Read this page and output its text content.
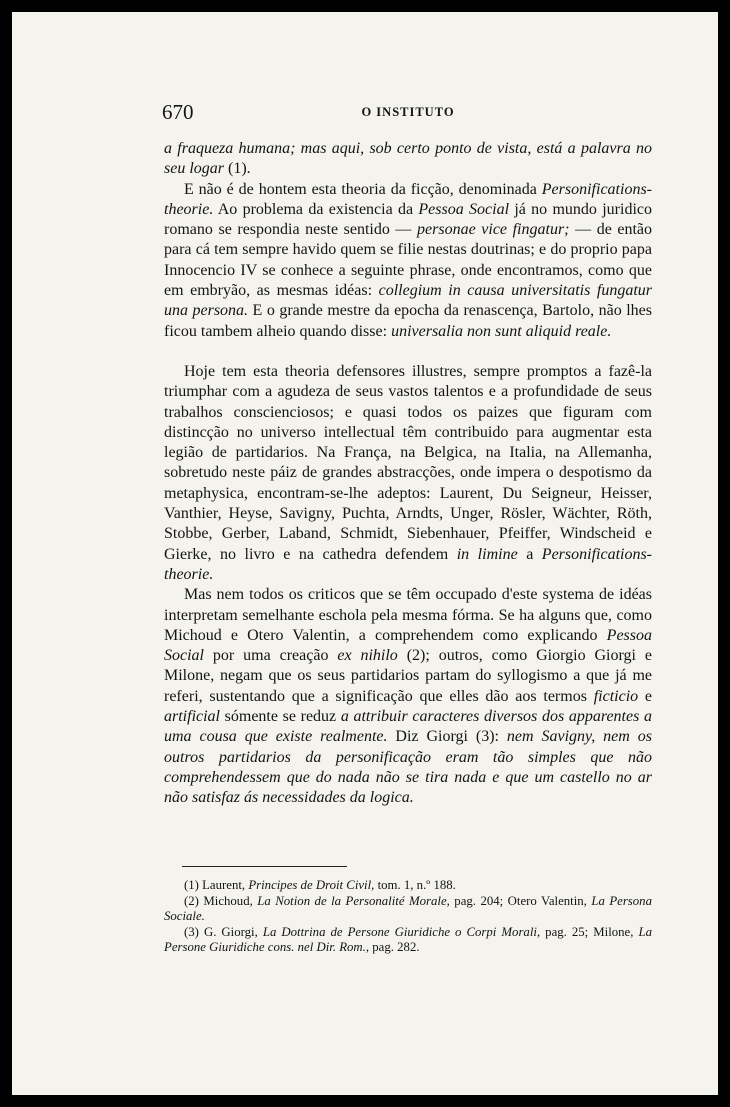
670	O INSTITUTO

a fraqueza humana; mas aqui, sob certo ponto de vista, está a palavra no seu logar (1).

E não é de hontem esta theoria da ficção, denominada Personifications-theorie. Ao problema da existencia da Pessoa Social já no mundo juridico romano se respondia neste sentido — personae vice fingatur; — de então para cá tem sempre havido quem se filie nestas doutrinas; e do proprio papa Innocencio IV se conhece a seguinte phrase, onde encontramos, como que em embryão, as mesmas idéas: collegium in causa universitatis fungatur una persona. E o grande mestre da epocha da renascença, Bartolo, não lhes ficou tambem alheio quando disse: universalia non sunt aliquid reale.

Hoje tem esta theoria defensores illustres, sempre promptos a fazê-la triumphar com a agudeza de seus vastos talentos e a profundidade de seus trabalhos conscienciosos; e quasi todos os paizes que figuram com distincção no universo intellectual têm contribuido para augmentar esta legião de partidarios. Na França, na Belgica, na Italia, na Allemanha, sobretudo neste páiz de grandes abstracções, onde impera o despotismo da metaphysica, encontram-se-lhe adeptos: Laurent, Du Seigneur, Heisser, Vanthier, Heyse, Savigny, Puchta, Arndts, Unger, Rösler, Wächter, Röth, Stobbe, Gerber, Laband, Schmidt, Siebenhauer, Pfeiffer, Windscheid e Gierke, no livro e na cathedra defendem in limine a Personifications-theorie.

Mas nem todos os criticos que se têm occupado d'este systema de idéas interpretam semelhante eschola pela mesma fórma. Se ha alguns que, como Michoud e Otero Valentin, a comprehendem como explicando Pessoa Social por uma creação ex nihilo (2); outros, como Giorgio Giorgi e Milone, negam que os seus partidarios partam do syllogismo a que já me referi, sustentando que a significação que elles dão aos termos ficticio e artificial sómente se reduz a attribuir caracteres diversos dos apparentes a uma cousa que existe realmente. Diz Giorgi (3): nem Savigny, nem os outros partidarios da personificação eram tão simples que não comprehendessem que do nada não se tira nada e que um castello no ar não satisfaz ás necessidades da logica.

(1) Laurent, Principes de Droit Civil, tom. 1, n.º 188.

(2) Michoud, La Notion de la Personalité Morale, pag. 204; Otero Valentin, La Persona Sociale.

(3) G. Giorgi, La Dottrina de Persone Giuridiche o Corpi Morali, pag. 25; Milone, La Persone Giuridiche cons. nel Dir. Rom., pag. 282.
